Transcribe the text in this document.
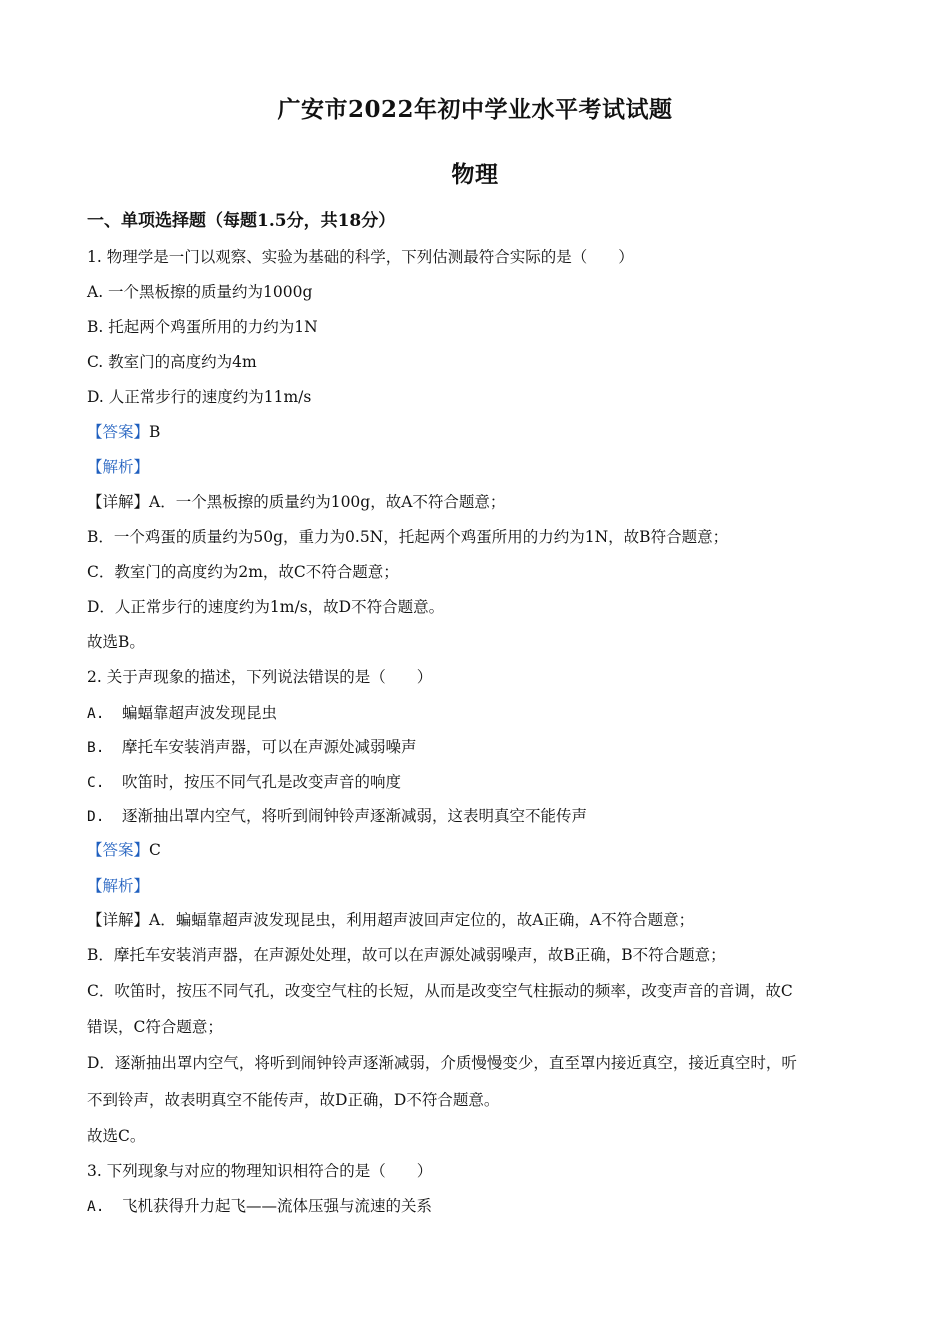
广安市2022年初中学业水平考试试题
物理
一、单项选择题（每题1.5分，共18分）
1. 物理学是一门以观察、实验为基础的科学，下列估测最符合实际的是（　　）
A. 一个黑板擦的质量约为1000g
B. 托起两个鸡蛋所用的力约为1N
C. 教室门的高度约为4m
D. 人正常步行的速度约为11m/s
【答案】B
【解析】
【详解】A．一个黑板擦的质量约为100g，故A不符合题意；
B．一个鸡蛋的质量约为50g，重力为0.5N，托起两个鸡蛋所用的力约为1N，故B符合题意；
C．教室门的高度约为2m，故C不符合题意；
D．人正常步行的速度约为1m/s，故D不符合题意。
故选B。
2. 关于声现象的描述，下列说法错误的是（　　）
A. 蝙蝠靠超声波发现昆虫
B. 摩托车安装消声器，可以在声源处减弱噪声
C. 吹笛时，按压不同气孔是改变声音的响度
D. 逐渐抽出罩内空气，将听到闹钟铃声逐渐减弱，这表明真空不能传声
【答案】C
【解析】
【详解】A．蝙蝠靠超声波发现昆虫，利用超声波回声定位的，故A正确，A不符合题意；
B．摩托车安装消声器，在声源处处理，故可以在声源处减弱噪声，故B正确，B不符合题意；
C．吹笛时，按压不同气孔，改变空气柱的长短，从而是改变空气柱振动的频率，改变声音的音调，故C
错误，C符合题意；
D．逐渐抽出罩内空气，将听到闹钟铃声逐渐减弱，介质慢慢变少，直至罩内接近真空，接近真空时，听
不到铃声，故表明真空不能传声，故D正确，D不符合题意。
故选C。
3. 下列现象与对应的物理知识相符合的是（　　）
A. 飞机获得升力起飞——流体压强与流速的关系
